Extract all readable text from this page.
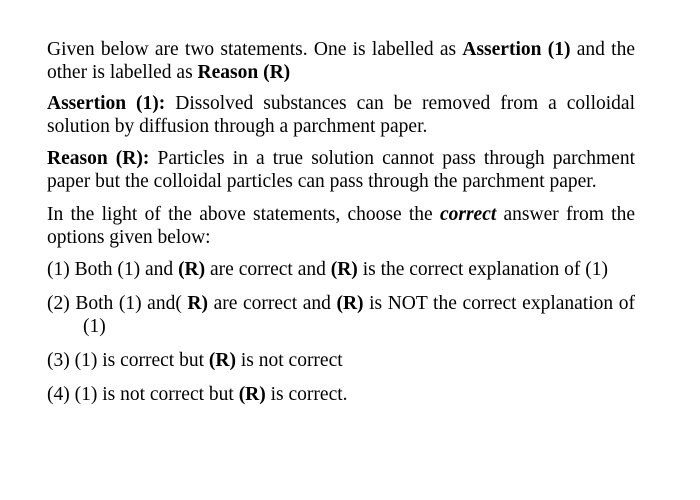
Given below are two statements. One is labelled as Assertion (1) and the other is labelled as Reason (R)

Assertion (1): Dissolved substances can be removed from a colloidal solution by diffusion through a parchment paper.

Reason (R): Particles in a true solution cannot pass through parchment paper but the colloidal particles can pass through the parchment paper.

In the light of the above statements, choose the correct answer from the options given below:

(1) Both (1) and (R) are correct and (R) is the correct explanation of (1)

(2) Both (1) and( R) are correct and (R) is NOT the correct explanation of (1)

(3) (1) is correct but (R) is not correct

(4) (1) is not correct but (R) is correct.
